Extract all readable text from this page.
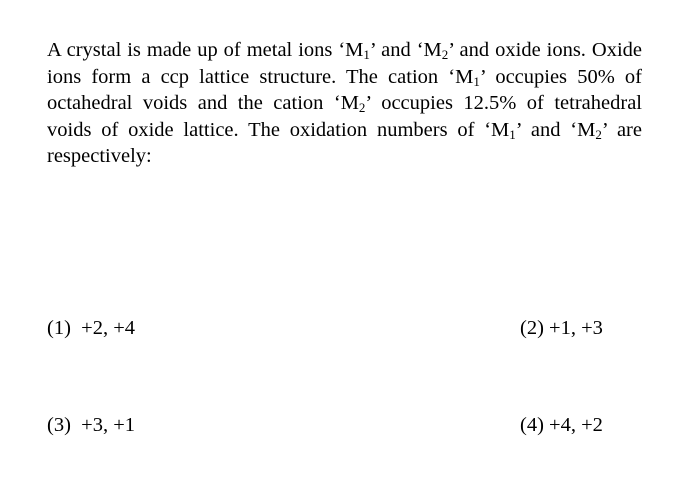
A crystal is made up of metal ions ‘$M_1$’ and ‘$M_2$’ and oxide ions. Oxide ions form a ccp lattice structure. The cation ‘$M_1$’ occupies 50% of octahedral voids and the cation ‘$M_2$’ occupies 12.5% of tetrahedral voids of oxide lattice. The oxidation numbers of ‘$M_1$’ and ‘$M_2$’ are respectively:

(1) +2, +4	(2) +1, +3
(3) +3, +1	(4) +4, +2
